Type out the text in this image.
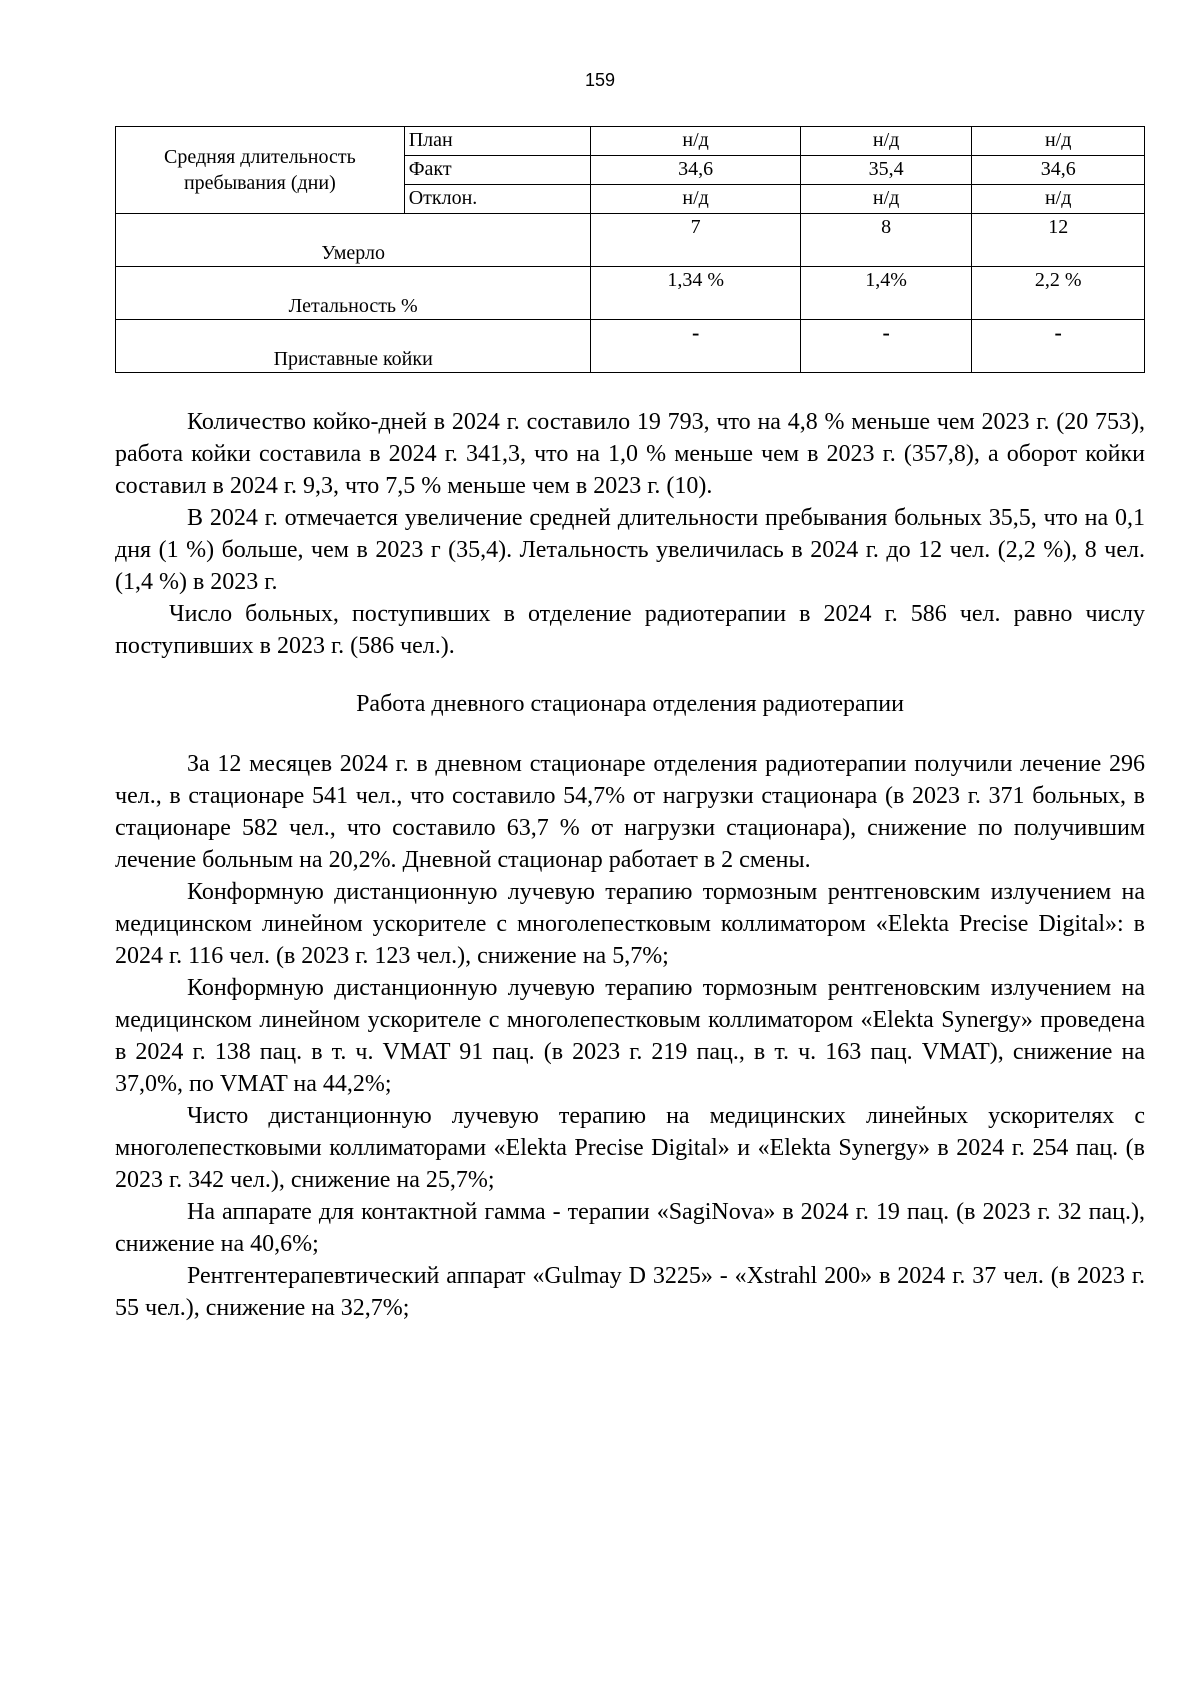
159
Средняя длительность пребывания (дни)	План	н/д	н/д	н/д
	Факт	34,6	35,4	34,6
	Отклон.	н/д	н/д	н/д
Умерло		7	8	12
Летальность %		1,34 %	1,4%	2,2 %
Приставные койки		-	-	-

Количество койко-дней в 2024 г. составило 19 793, что на 4,8 % меньше чем 2023 г. (20 753), работа койки составила в 2024 г. 341,3, что на 1,0 % меньше чем в 2023 г. (357,8), а оборот койки составил в 2024 г. 9,3, что 7,5 % меньше чем в 2023 г. (10).

В 2024 г. отмечается увеличение средней длительности пребывания больных 35,5, что на 0,1 дня (1 %) больше, чем в 2023 г (35,4). Летальность увеличилась в 2024 г. до 12 чел. (2,2 %), 8 чел. (1,4 %) в 2023 г.

Число больных, поступивших в отделение радиотерапии в 2024 г. 586 чел. равно числу поступивших в 2023 г. (586 чел.).

Работа дневного стационара отделения радиотерапии

За 12 месяцев 2024 г. в дневном стационаре отделения радиотерапии получили лечение 296 чел., в стационаре 541 чел., что составило 54,7% от нагрузки стационара (в 2023 г. 371 больных, в стационаре 582 чел., что составило 63,7 % от нагрузки стационара), снижение по получившим лечение больным на 20,2%. Дневной стационар работает в 2 смены.

Конформную дистанционную лучевую терапию тормозным рентгеновским излучением на медицинском линейном ускорителе с многолепестковым коллиматором «Elekta Precise Digital»: в 2024 г. 116 чел. (в 2023 г. 123 чел.), снижение на 5,7%;

Конформную дистанционную лучевую терапию тормозным рентгеновским излучением на медицинском линейном ускорителе с многолепестковым коллиматором «Elekta Synergy» проведена в 2024 г. 138 пац. в т. ч. VMAT 91 пац. (в 2023 г. 219 пац., в т. ч. 163 пац. VMAT), снижение на 37,0%, по VMAT на 44,2%;

Чисто дистанционную лучевую терапию на медицинских линейных ускорителях с многолепестковыми коллиматорами «Elekta Precise Digital» и «Elekta Synergy» в 2024 г. 254 пац. (в 2023 г. 342 чел.), снижение на 25,7%;

На аппарате для контактной гамма - терапии «SagiNova» в 2024 г. 19 пац. (в 2023 г. 32 пац.), снижение на 40,6%;

Рентгентерапевтический аппарат «Gulmay D 3225» - «Xstrahl 200» в 2024 г. 37 чел. (в 2023 г. 55 чел.), снижение на 32,7%;
